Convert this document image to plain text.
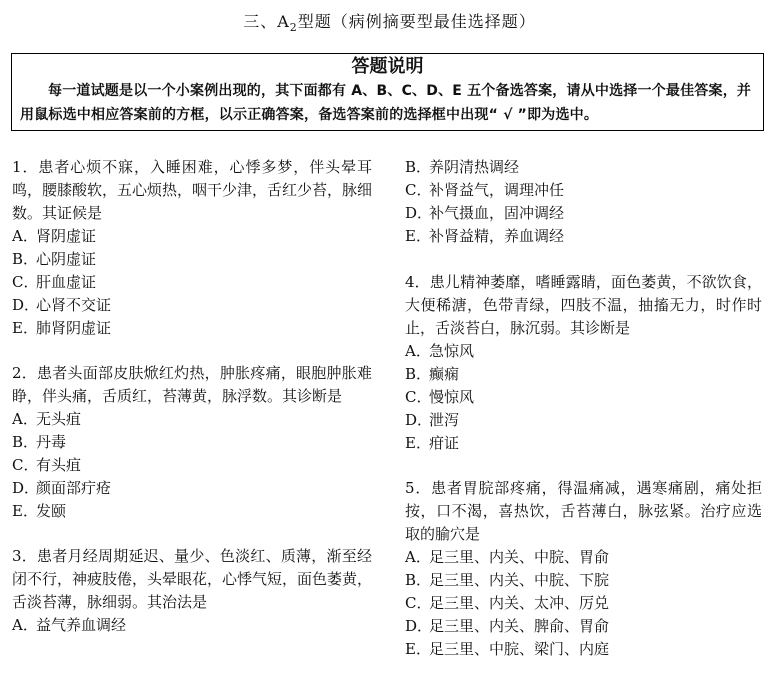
三、$A_2$型题（病例摘要型最佳选择题）
答题说明
每一道试题是以一个小案例出现的，其下面都有 A、B、C、D、E 五个备选答案，请从中选择一个最佳答案，并用鼠标选中相应答案前的方框，以示正确答案，备选答案前的选择框中出现“ √ ”即为选中。

1．患者心烦不寐，入睡困难，心悸多梦，伴头晕耳鸣，腰膝酸软，五心烦热，咽干少津，舌红少苔，脉细数。其证候是

A．肾阴虚证

B．心阴虚证

C．肝血虚证

D．心肾不交证

E．肺肾阴虚证

2．患者头面部皮肤焮红灼热，肿胀疼痛，眼胞肿胀难睁，伴头痛，舌质红，苔薄黄，脉浮数。其诊断是

A．无头疽

B．丹毒

C．有头疽

D．颜面部疔疮

E．发颐

3．患者月经周期延迟、量少、色淡红、质薄，渐至经闭不行，神疲肢倦，头晕眼花，心悸气短，面色萎黄，舌淡苔薄，脉细弱。其治法是

A．益气养血调经

B．养阴清热调经

C．补肾益气，调理冲任

D．补气摄血，固冲调经

E．补肾益精，养血调经

4．患儿精神萎靡，嗜睡露睛，面色萎黄，不欲饮食，大便稀溏，色带青绿，四肢不温，抽搐无力，时作时止，舌淡苔白，脉沉弱。其诊断是

A．急惊风

B．癫痫

C．慢惊风

D．泄泻

E．疳证

5．患者胃脘部疼痛，得温痛减，遇寒痛剧，痛处拒按，口不渴，喜热饮，舌苔薄白，脉弦紧。治疗应选取的腧穴是

A．足三里、内关、中脘、胃俞

B．足三里、内关、中脘、下脘

C．足三里、内关、太冲、厉兑

D．足三里、内关、脾俞、胃俞

E．足三里、中脘、梁门、内庭
